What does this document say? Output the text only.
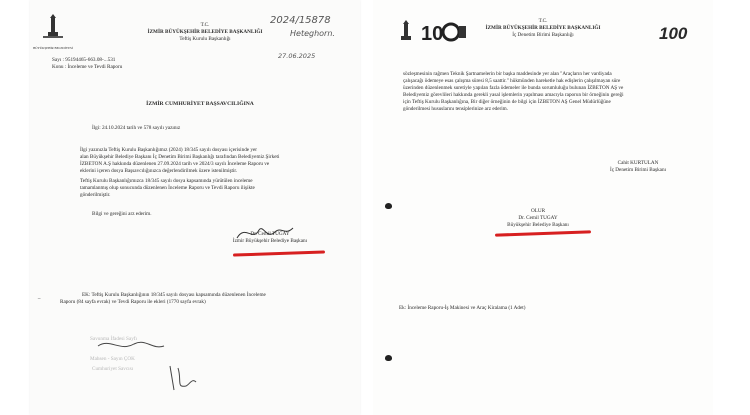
BÜYÜKŞEHİR BELEDİYESİ
T.C.
İZMİR BÜYÜKŞEHİR BELEDİYE BAŞKANLIĞI
Teftiş Kurulu Başkanlığı
2024/15878
Heteghorn.
27.06.2025
Sayı : 95194465-663.08-...531
Konu : İnceleme ve Tevdi Raporu
İZMİR CUMHURİYET BAŞSAVCILIĞINA
İlgi: 24.10.2024 tarih ve 578 sayılı yazınız
İlgi yazınızla Teftiş Kurulu Başkanlığımız (2024) 18/345 sayılı dosyası içerisinde yer
alan Büyükşehir Belediye Başkanı İç Denetim Birimi Başkanlığı tarafından Belediyemiz Şirketi
İZBETON A.Ş hakkında düzenlenen 27.09.2024 tarih ve 2024/3 sayılı İnceleme Raporu ve
eklerini içeren dosya Başsavcılığınızca değerlendirilmek üzere istenilmiştir.
Teftiş Kurulu Başkanlığımızca 18/345 sayılı dosya kapsamında yürütülen inceleme
tamamlanmış olup sonucunda düzenlenen İnceleme Raporu ve Tevdi Raporu ilişikte
gönderilmiştir.
Bilgi ve gereğini arz ederim.
Dr. Cemil TUGAY
İzmir Büyükşehir Belediye Başkanı
EK: Teftiş Kurulu Başkanlığının 18/345 sayılı dosyası kapsamında düzenlenen İnceleme
Raporu (84 sayfa evrak) ve Tevdi Raporu ile ekleri (1770 sayfa evrak)
‾
Savunma İfadesi Sayfı
Mahsen - Sayın ÇOK
Cumhuriyet Savcısı
10
T.C.
İZMİR BÜYÜKŞEHİR BELEDİYE BAŞKANLIĞI
İç Denetim Birimi Başkanlığı	100
sözleşmesinin rağmen Teknik Şartnamelerin bir başka maddesinde yer alan "Araçların her vardiyada
çalışacağı ödemeye esas çalışma süresi 8,5 saattir." hükmünden hareketle hak edişlerin çalışılmayan süre
üzerinden düzenlenmek suretiyle yapılan fazla ödemeler ile bunda sorumluluğu bulunan İZBETON AŞ ve
Belediyemiz görevlileri hakkında gerekli yasal işlemlerin yapılması amacıyla raporun bir örneğinin gereği
için Teftiş Kurulu Başkanlığına, Bir diğer örneğinin de bilgi için İZBETON AŞ Genel Müdürlüğüne
gönderilmesi hususlarını tensiplerinize arz ederim.
Cahit KURTULAN
İç Denetim Birimi Başkanı
OLUR
Dr. Cemil TUGAY
Büyükşehir Belediye Başkanı
Ek: İnceleme Raporu-İş Makinesi ve Araç Kiralama (1 Adet)
